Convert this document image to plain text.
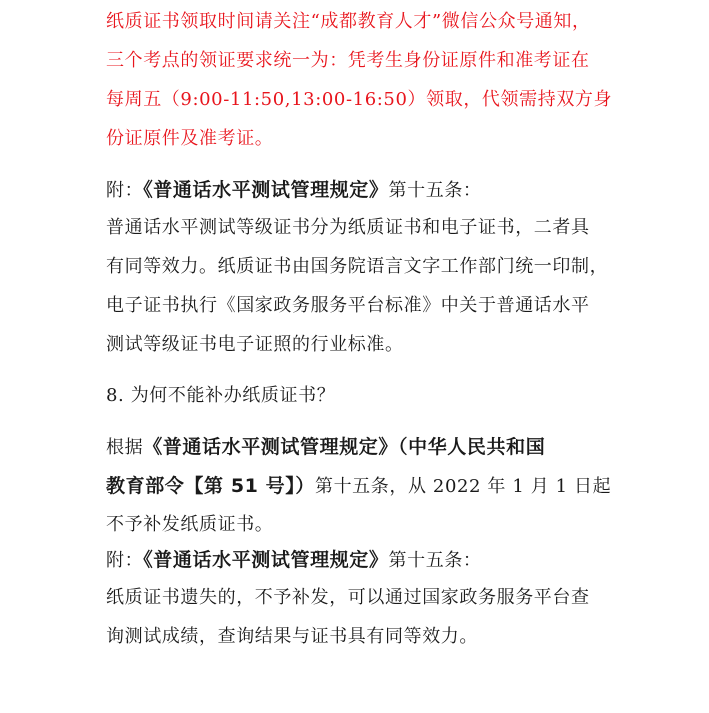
纸质证书领取时间请关注“成都教育人才”微信公众号通知，
三个考点的领证要求统一为：凭考生身份证原件和准考证在
每周五（9:00-11:50,13:00-16:50）领取，代领需持双方身
份证原件及准考证。
附：《普通话水平测试管理规定》第十五条：
普通话水平测试等级证书分为纸质证书和电子证书，二者具
有同等效力。纸质证书由国务院语言文字工作部门统一印制，
电子证书执行《国家政务服务平台标准》中关于普通话水平
测试等级证书电子证照的行业标准。
8. 为何不能补办纸质证书？
根据《普通话水平测试管理规定》（中华人民共和国
教育部令【第 51 号】）第十五条，从 2022 年 1 月 1 日起
不予补发纸质证书。
附：《普通话水平测试管理规定》第十五条：
纸质证书遗失的，不予补发，可以通过国家政务服务平台查
询测试成绩，查询结果与证书具有同等效力。
